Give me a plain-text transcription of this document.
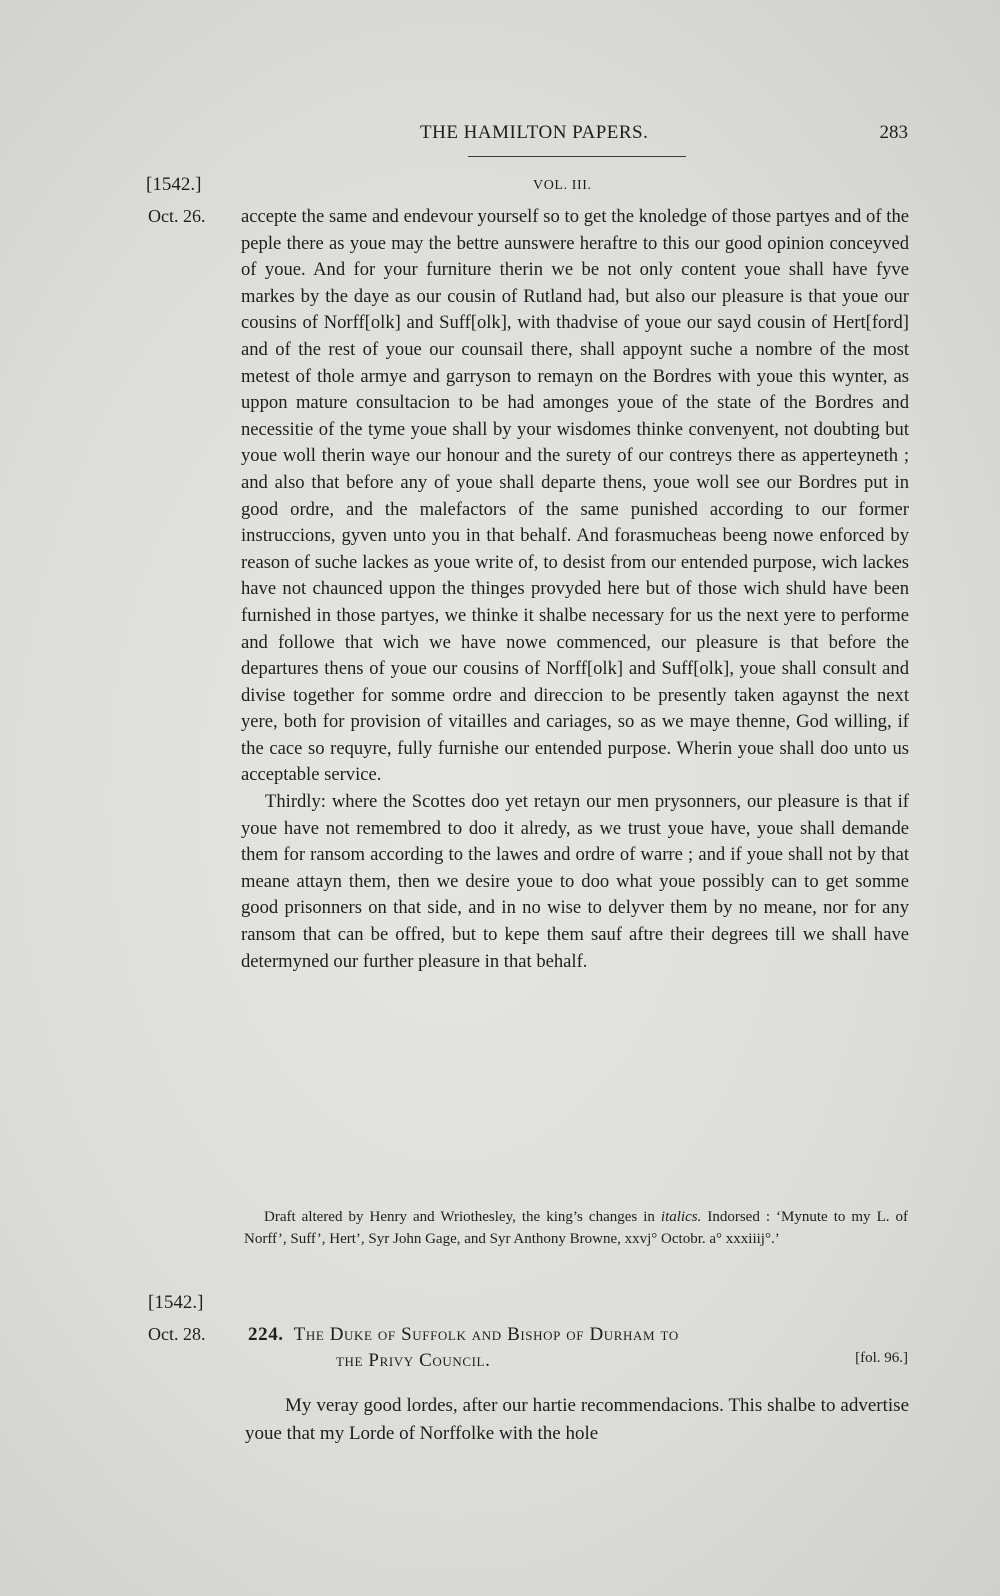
THE HAMILTON PAPERS.	283
[1542.]	VOL. III.
Oct. 26. accepte the same and endevour yourself so to get the knoledge of those partyes and of the peple there as youe may the bettre aunswere heraftre to this our good opinion conceyved of youe. And for your furniture therin we be not only content youe shall have fyve markes by the daye as our cousin of Rutland had, but also our pleasure is that youe our cousins of Norff[olk] and Suff[olk], with thadvise of youe our sayd cousin of Hert[ford] and of the rest of youe our counsail there, shall appoynt suche a nombre of the most metest of thole armye and garryson to remayn on the Bordres with youe this wynter, as uppon mature consultacion to be had amonges youe of the state of the Bordres and necessitie of the tyme youe shall by your wisdomes thinke convenyent, not doubting but youe woll therin waye our honour and the surety of our contreys there as apperteyneth ; and also that before any of youe shall departe thens, youe woll see our Bordres put in good ordre, and the malefactors of the same punished according to our former instruccions, gyven unto you in that behalf. And forasmucheas beeng nowe enforced by reason of suche lackes as youe write of, to desist from our entended purpose, wich lackes have not chaunced uppon the thinges provyded here but of those wich shuld have been furnished in those partyes, we thinke it shalbe necessary for us the next yere to performe and followe that wich we have nowe commenced, our pleasure is that before the departures thens of youe our cousins of Norff[olk] and Suff[olk], youe shall consult and divise together for somme ordre and direccion to be presently taken agaynst the next yere, both for provision of vitailles and cariages, so as we maye thenne, God willing, if the cace so requyre, fully furnishe our entended purpose. Wherin youe shall doo unto us acceptable service.

Thirdly: where the Scottes doo yet retayn our men prysonners, our pleasure is that if youe have not remembred to doo it alredy, as we trust youe have, youe shall demande them for ransom according to the lawes and ordre of warre ; and if youe shall not by that meane attayn them, then we desire youe to doo what youe possibly can to get somme good prisonners on that side, and in no wise to delyver them by no meane, nor for any ransom that can be offred, but to kepe them sauf aftre their degrees till we shall have determyned our further pleasure in that behalf.

Draft altered by Henry and Wriothesley, the king’s changes in italics. Indorsed : ‘Mynute to my L. of Norff’, Suff’, Hert’, Syr John Gage, and Syr Anthony Browne, xxvj° Octobr. a° xxxiiij°.’
[1542.]
Oct. 28. 224. The Duke of Suffolk and Bishop of Durham to
the Privy Council.	[fol. 96.]
My veray good lordes, after our hartie recommendacions. This shalbe to advertise youe that my Lorde of Norffolke with the hole
